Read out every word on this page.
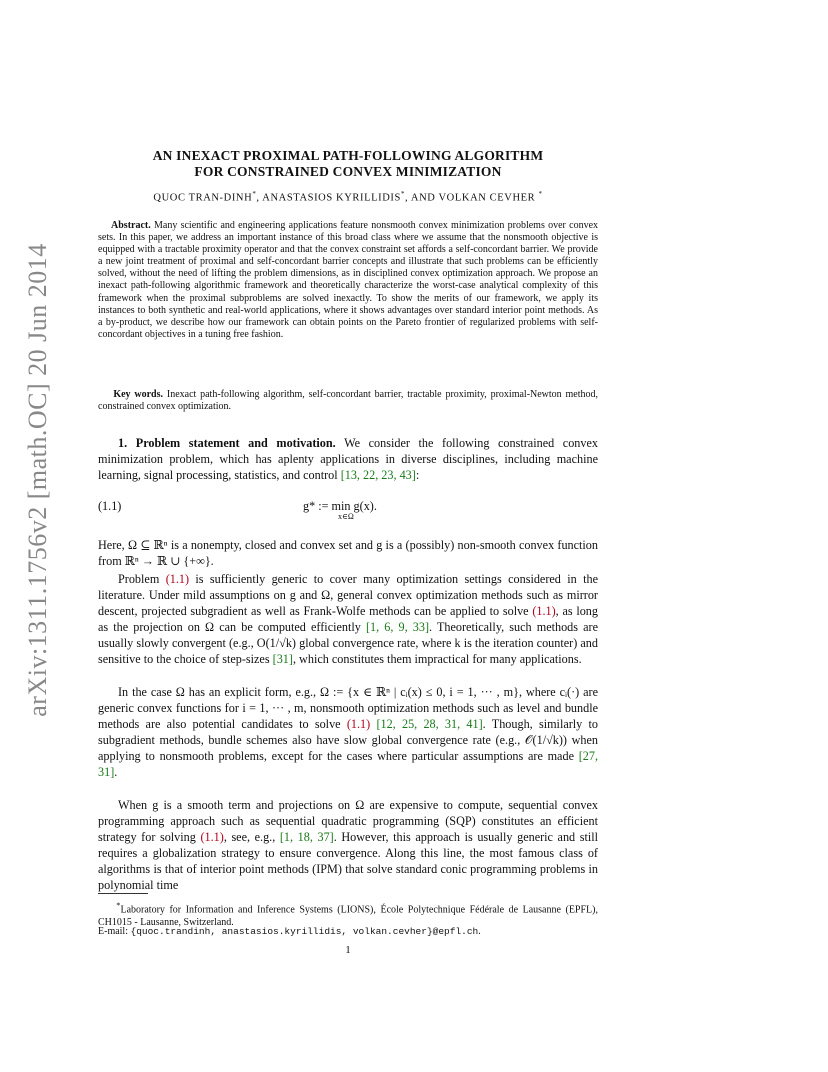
arXiv:1311.1756v2 [math.OC] 20 Jun 2014
AN INEXACT PROXIMAL PATH-FOLLOWING ALGORITHM
FOR CONSTRAINED CONVEX MINIMIZATION
QUOC TRAN-DINH*, ANASTASIOS KYRILLIDIS*, AND VOLKAN CEVHER *
Abstract. Many scientific and engineering applications feature nonsmooth convex minimization problems over convex sets. In this paper, we address an important instance of this broad class where we assume that the nonsmooth objective is equipped with a tractable proximity operator and that the convex constraint set affords a self-concordant barrier. We provide a new joint treatment of proximal and self-concordant barrier concepts and illustrate that such problems can be efficiently solved, without the need of lifting the problem dimensions, as in disciplined convex optimization approach. We propose an inexact path-following algorithmic framework and theoretically characterize the worst-case analytical complexity of this framework when the proximal subproblems are solved inexactly. To show the merits of our framework, we apply its instances to both synthetic and real-world applications, where it shows advantages over standard interior point methods. As a by-product, we describe how our framework can obtain points on the Pareto frontier of regularized problems with self-concordant objectives in a tuning free fashion.
Key words. Inexact path-following algorithm, self-concordant barrier, tractable proximity, proximal-Newton method, constrained convex optimization.
1. Problem statement and motivation. We consider the following constrained convex minimization problem, which has aplenty applications in diverse disciplines, including machine learning, signal processing, statistics, and control [13, 22, 23, 43]:
(1.1)	g* := min g(x).
x∈Ω
Here, Ω ⊆ ℝⁿ is a nonempty, closed and convex set and g is a (possibly) non-smooth convex function from ℝⁿ → ℝ ∪ {+∞}.
Problem (1.1) is sufficiently generic to cover many optimization settings considered in the literature. Under mild assumptions on g and Ω, general convex optimization methods such as mirror descent, projected subgradient as well as Frank-Wolfe methods can be applied to solve (1.1), as long as the projection on Ω can be computed efficiently [1, 6, 9, 33]. Theoretically, such methods are usually slowly convergent (e.g., O(1/√k) global convergence rate, where k is the iteration counter) and sensitive to the choice of step-sizes [31], which constitutes them impractical for many applications.
In the case Ω has an explicit form, e.g., Ω := {x ∈ ℝⁿ | cᵢ(x) ≤ 0, i = 1, ··· , m}, where cᵢ(·) are generic convex functions for i = 1, ··· , m, nonsmooth optimization methods such as level and bundle methods are also potential candidates to solve (1.1) [12, 25, 28, 31, 41]. Though, similarly to subgradient methods, bundle schemes also have slow global convergence rate (e.g., 𝒪(1/√k)) when applying to nonsmooth problems, except for the cases where particular assumptions are made [27, 31].
When g is a smooth term and projections on Ω are expensive to compute, sequential convex programming approach such as sequential quadratic programming (SQP) constitutes an efficient strategy for solving (1.1), see, e.g., [1, 18, 37]. However, this approach is usually generic and still requires a globalization strategy to ensure convergence. Along this line, the most famous class of algorithms is that of interior point methods (IPM) that solve standard conic programming problems in polynomial time
*Laboratory for Information and Inference Systems (LIONS), École Polytechnique Fédérale de Lausanne (EPFL), CH1015 - Lausanne, Switzerland.
E-mail: {quoc.trandinh, anastasios.kyrillidis, volkan.cevher}@epfl.ch.
1
